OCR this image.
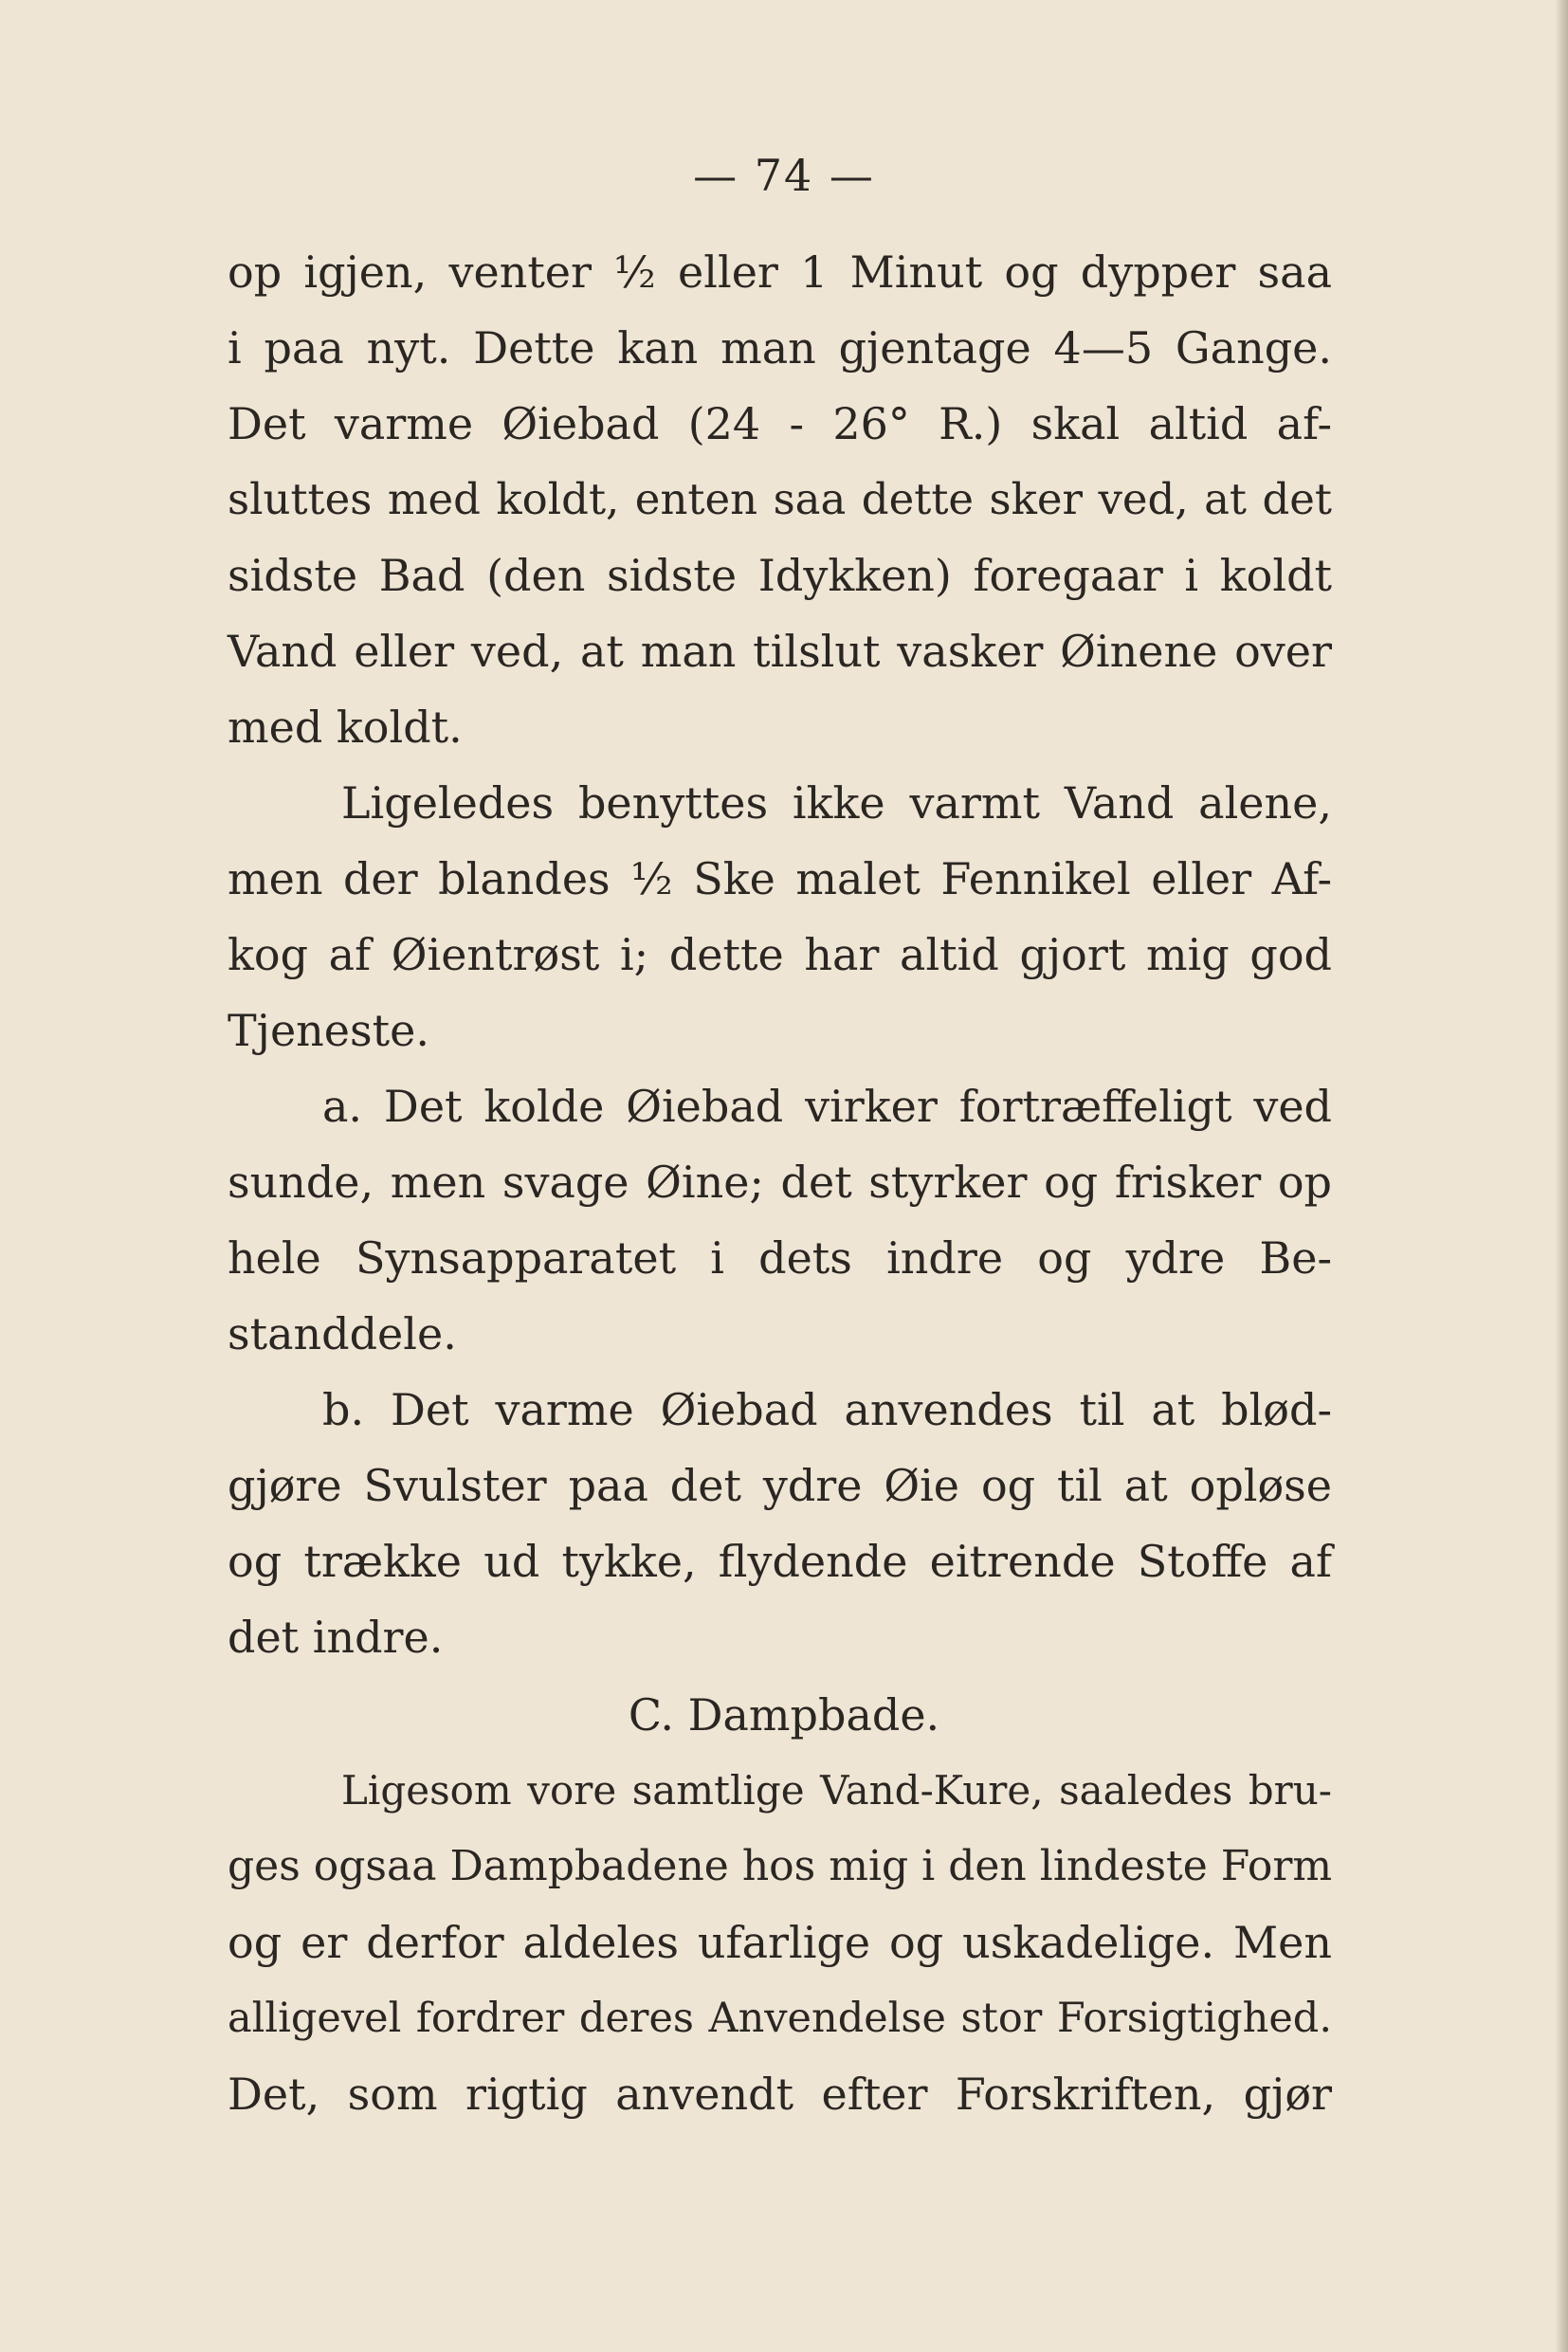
— 74 —
op igjen, venter ½ eller 1 Minut og dypper saa
i paa nyt. Dette kan man gjentage 4—5 Gange.
Det varme Øiebad (24 - 26° R.) skal altid af-
sluttes med koldt, enten saa dette sker ved, at det
sidste Bad (den sidste Idykken) foregaar i koldt
Vand eller ved, at man tilslut vasker Øinene over
med koldt.
Ligeledes benyttes ikke varmt Vand alene,
men der blandes ½ Ske malet Fennikel eller Af-
kog af Øientrøst i; dette har altid gjort mig god
Tjeneste.
a. Det kolde Øiebad virker fortræffeligt ved
sunde, men svage Øine; det styrker og frisker op
hele Synsapparatet i dets indre og ydre Be-
standdele.
b. Det varme Øiebad anvendes til at blød-
gjøre Svulster paa det ydre Øie og til at opløse
og trække ud tykke, flydende eitrende Stoffe af
det indre.
C. Dampbade.
Ligesom vore samtlige Vand-Kure, saaledes bru-
ges ogsaa Dampbadene hos mig i den lindeste Form
og er derfor aldeles ufarlige og uskadelige. Men
alligevel fordrer deres Anvendelse stor Forsigtighed.
Det, som rigtig anvendt efter Forskriften, gjør
